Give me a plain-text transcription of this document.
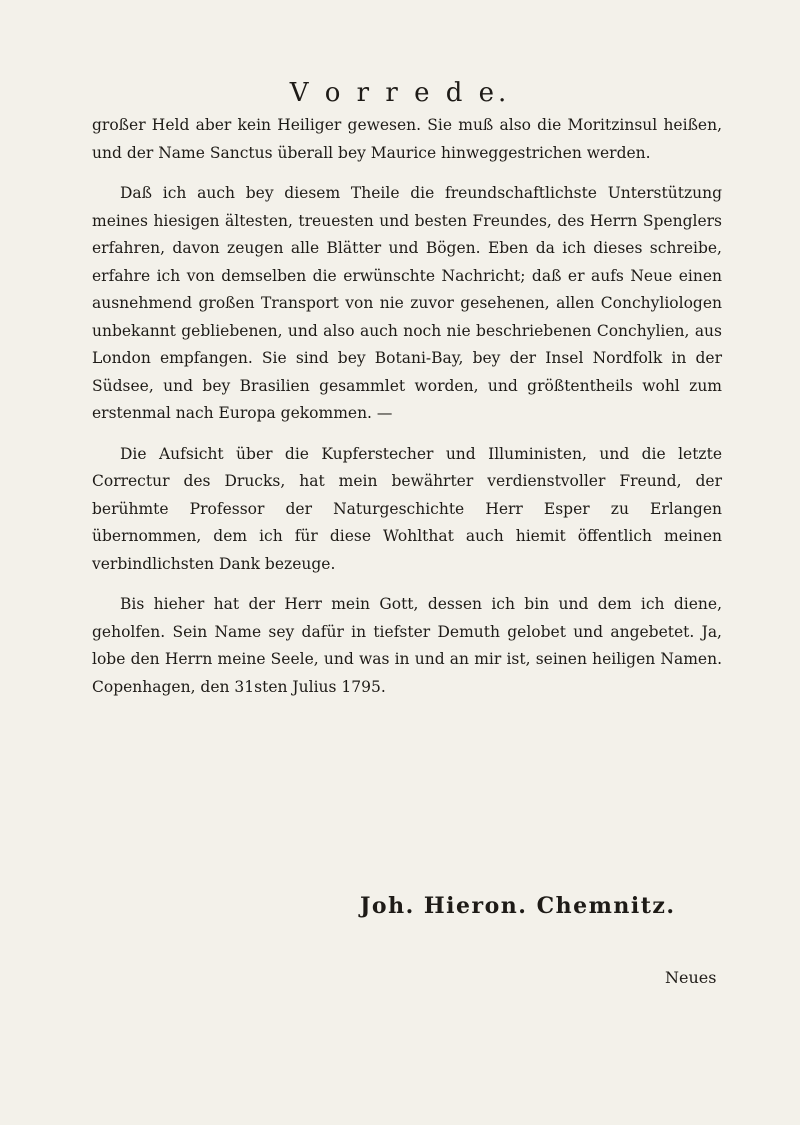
V o r r e d e.

großer Held aber kein Heiliger gewesen. Sie muß also die Moritzinsul heißen, und der Name Sanctus überall bey Maurice hinweggestrichen werden.

Daß ich auch bey diesem Theile die freundschaftlichste Unterstützung meines hiesigen ältesten, treuesten und besten Freundes, des Herrn Spenglers erfahren, davon zeugen alle Blätter und Bögen. Eben da ich dieses schreibe, erfahre ich von demselben die erwünschte Nachricht; daß er aufs Neue einen ausnehmend großen Transport von nie zuvor gesehenen, allen Conchyliologen unbekannt gebliebenen, und also auch noch nie beschriebenen Conchylien, aus London empfangen. Sie sind bey Botani-Bay, bey der Insel Nordfolk in der Südsee, und bey Brasilien gesammlet worden, und größtentheils wohl zum erstenmal nach Europa gekommen. —

Die Aufsicht über die Kupferstecher und Illuministen, und die letzte Correctur des Drucks, hat mein bewährter verdienstvoller Freund, der berühmte Professor der Naturgeschichte Herr Esper zu Erlangen übernommen, dem ich für diese Wohlthat auch hiemit öffentlich meinen verbindlichsten Dank bezeuge.

Bis hieher hat der Herr mein Gott, dessen ich bin und dem ich diene, geholfen. Sein Name sey dafür in tiefster Demuth gelobet und angebetet. Ja, lobe den Herrn meine Seele, und was in und an mir ist, seinen heiligen Namen. Copenhagen, den 31sten Julius 1795.

Joh. Hieron. Chemnitz.
Neues
